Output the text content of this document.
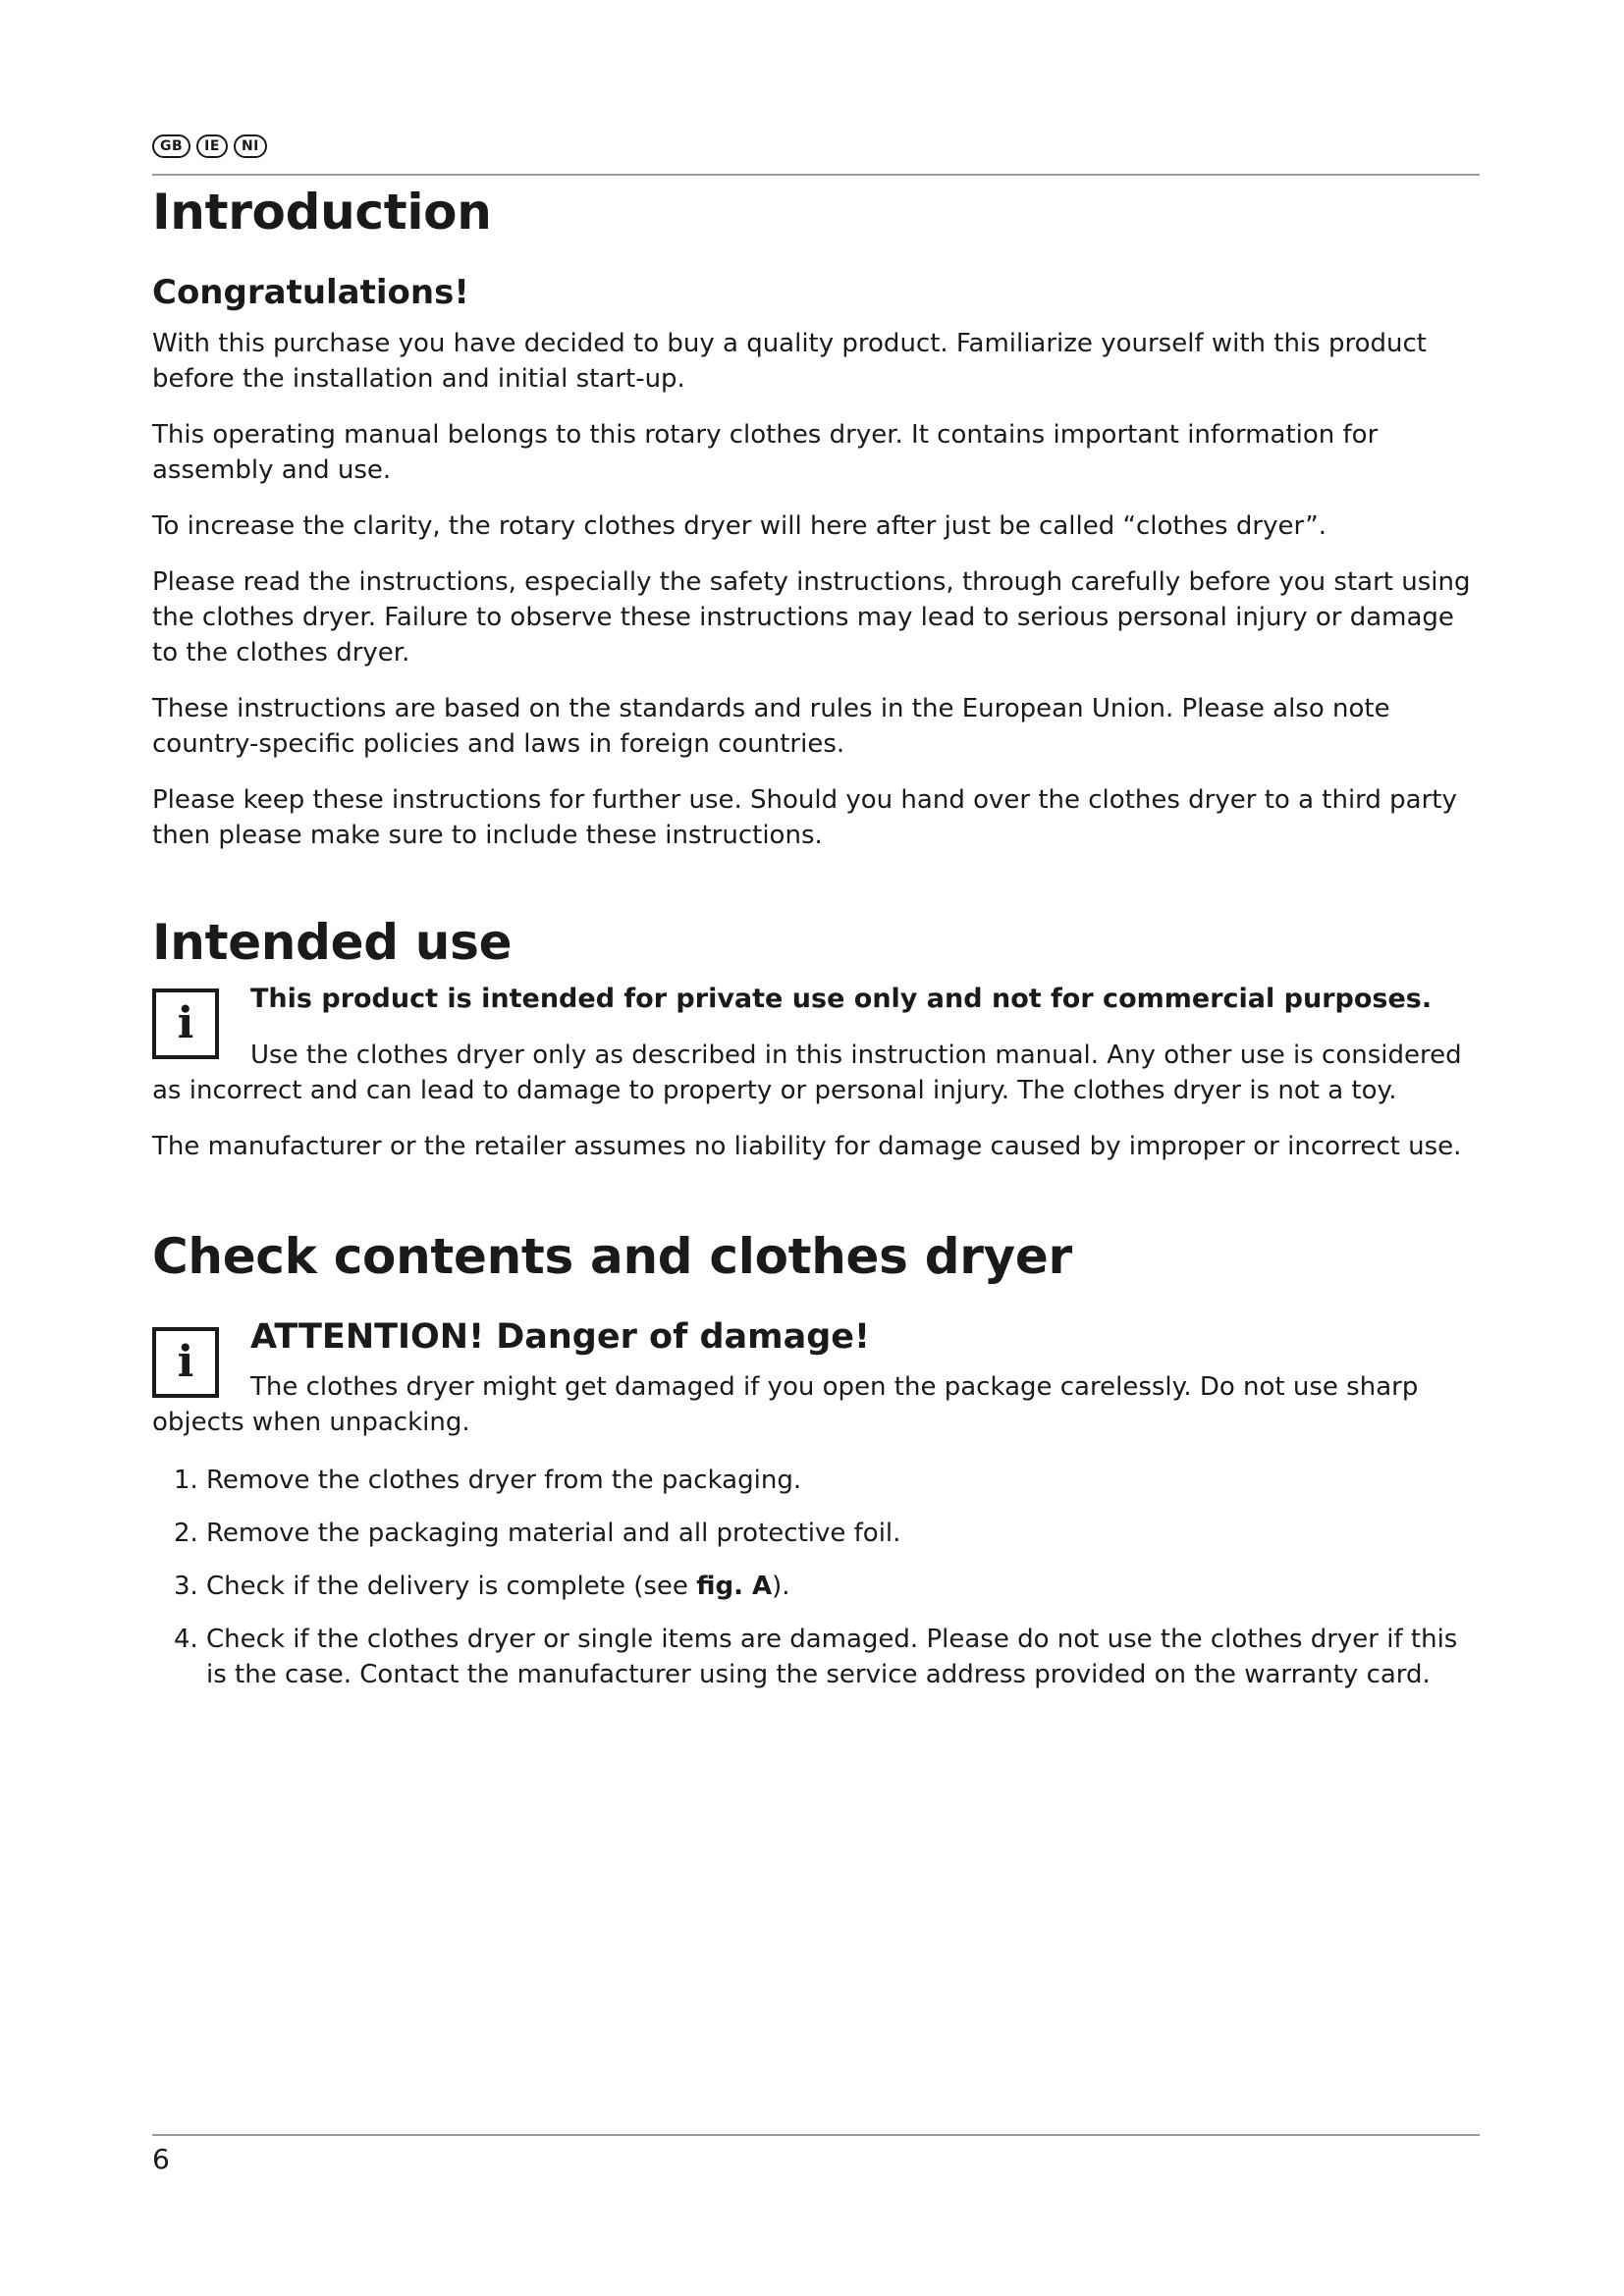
GB	IE	NI
Introduction
Congratulations!

With this purchase you have decided to buy a quality product. Familiarize yourself with this product before the installation and initial start-up.

This operating manual belongs to this rotary clothes dryer. It contains important information for assembly and use.

To increase the clarity, the rotary clothes dryer will here after just be called “clothes dryer”.

Please read the instructions, especially the safety instructions, through carefully before you start using the clothes dryer. Failure to observe these instructions may lead to serious personal injury or damage to the clothes dryer.

These instructions are based on the standards and rules in the European Union. Please also note country-specific policies and laws in foreign countries.

Please keep these instructions for further use. Should you hand over the clothes dryer to a third party then please make sure to include these instructions.

Intended use
i	This product is intended for private use only and not for commercial purposes.

Use the clothes dryer only as described in this instruction manual. Any other use is considered as incorrect and can lead to damage to property or personal injury. The clothes dryer is not a toy.

The manufacturer or the retailer assumes no liability for damage caused by improper or incorrect use.

Check contents and clothes dryer
i	ATTENTION! Danger of damage!

The clothes dryer might get damaged if you open the package carelessly. Do not use sharp objects when unpacking.

1. Remove the clothes dryer from the packaging.
2. Remove the packaging material and all protective foil.
3. Check if the delivery is complete (see fig. A).
4. Check if the clothes dryer or single items are damaged. Please do not use the clothes dryer if this is the case. Contact the manufacturer using the service address provided on the warranty card.
6
